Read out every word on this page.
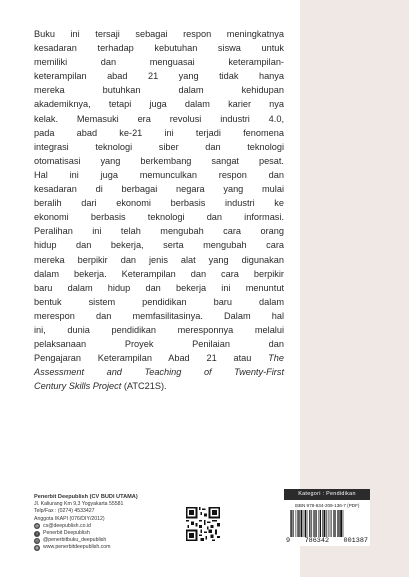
Buku ini tersaji sebagai respon meningkatnya
kesadaran terhadap kebutuhan siswa untuk
memiliki dan menguasai keterampilan-
keterampilan abad 21 yang tidak hanya
mereka butuhkan dalam kehidupan
akademiknya, tetapi juga dalam karier nya
kelak. Memasuki era revolusi industri 4.0,
pada abad ke-21 ini terjadi fenomena
integrasi teknologi siber dan teknologi
otomatisasi yang berkembang sangat pesat.
Hal ini juga memunculkan respon dan
kesadaran di berbagai negara yang mulai
beralih dari ekonomi berbasis industri ke
ekonomi berbasis teknologi dan informasi.
Peralihan ini telah mengubah cara orang
hidup dan bekerja, serta mengubah cara
mereka berpikir dan jenis alat yang digunakan
dalam bekerja. Keterampilan dan cara berpikir
baru dalam hidup dan bekerja ini menuntut
bentuk sistem pendidikan baru dalam
merespon dan memfasilitasinya. Dalam hal
ini, dunia pendidikan meresponnya melalui
pelaksanaan Proyek Penilaian dan
Pengajaran Keterampilan Abad 21 atau The
Assessment and Teaching of Twenty-First
Century Skills Project (ATC21S).
Penerbit Deepublish (CV BUDI UTAMA)
Jl. Kaliurang Km 9,3 Yogyakarta 55581
Telp/Fax : (0274) 4533427
Anggota IKAPI (076/DIY/2012)
@ cs@deepublish.co.id
f	Penerbit Deepublish
◎ @penerbitbuku_deepublish
◍ www.penerbitdeepublish.com
Kategori : Pendidikan
ISBN 978-634-209-136-7 (PDF)
9 786342 001387
